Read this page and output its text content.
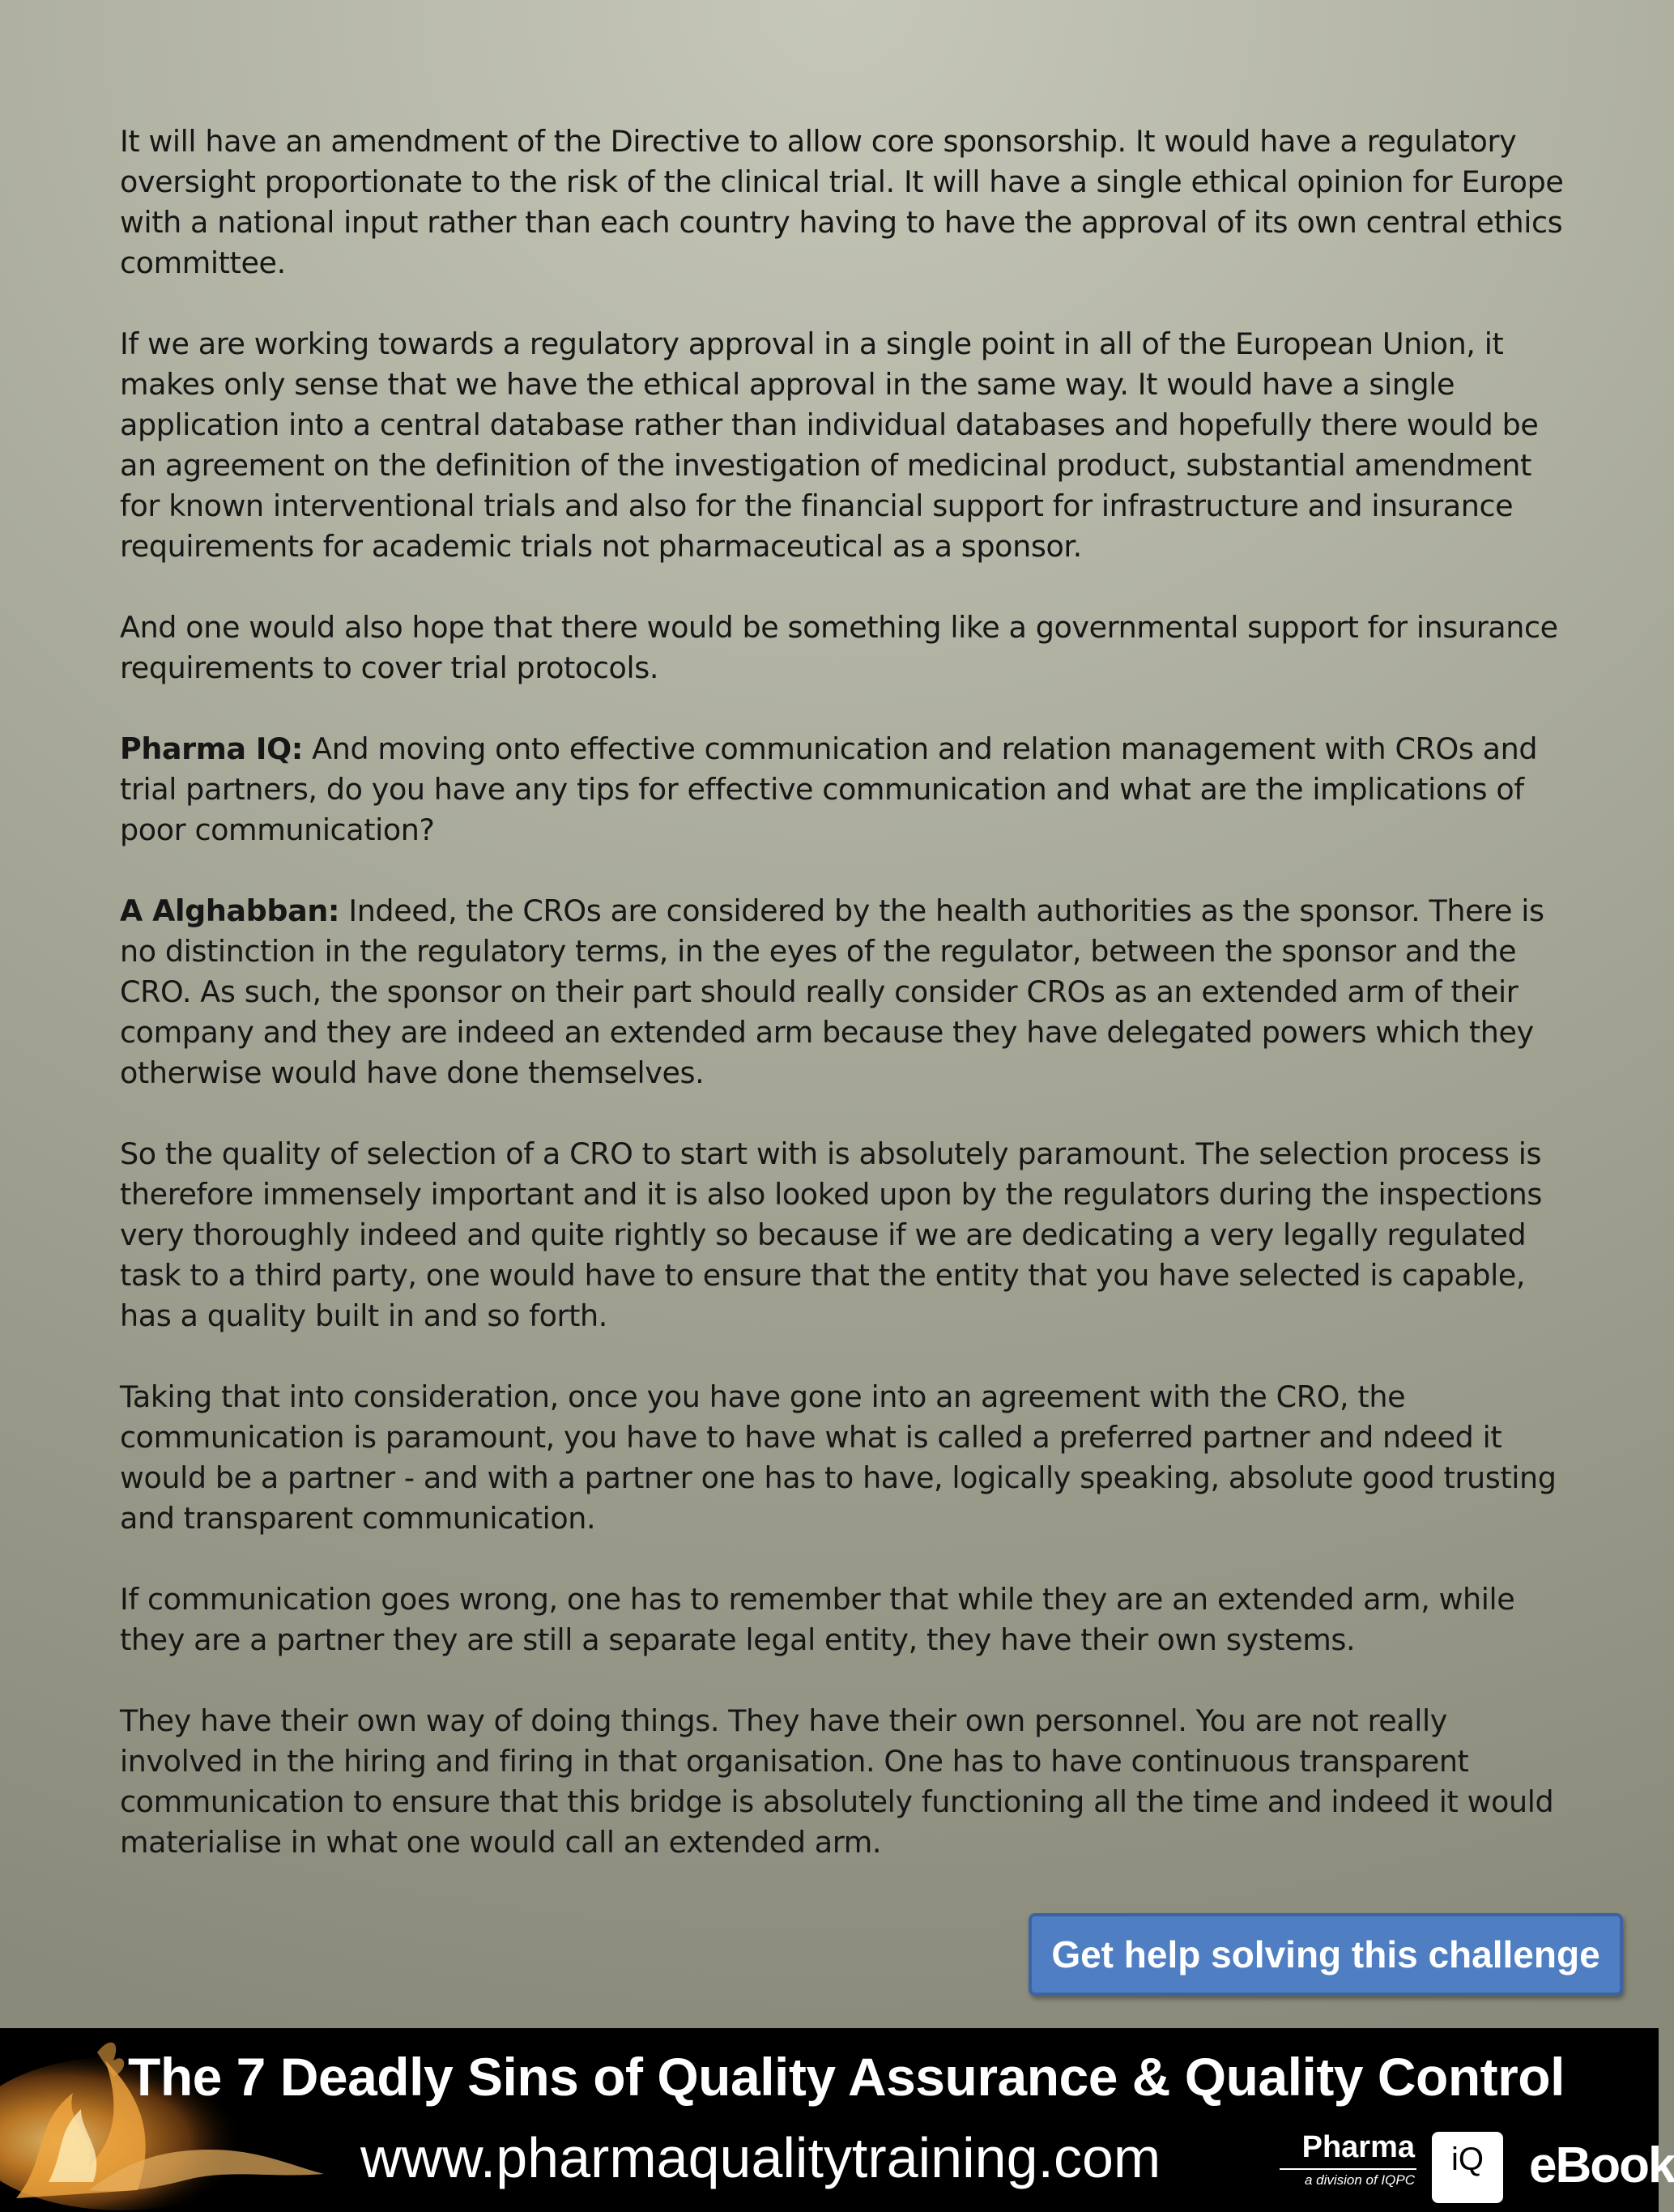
It will have an amendment of the Directive to allow core sponsorship. It would have a regulatory oversight proportionate to the risk of the clinical trial. It will have a single ethical opinion for Europe with a national input rather than each country having to have the approval of its own central ethics committee.

If we are working towards a regulatory approval in a single point in all of the European Union, it makes only sense that we have the ethical approval in the same way. It would have a single application into a central database rather than individual databases and hopefully there would be an agreement on the definition of the investigation of medicinal product, substantial amendment for known interventional trials and also for the financial support for infrastructure and insurance requirements for academic trials not pharmaceutical as a sponsor.

And one would also hope that there would be something like a governmental support for insurance requirements to cover trial protocols.

Pharma IQ: And moving onto effective communication and relation management with CROs and trial partners, do you have any tips for effective communication and what are the implications of poor communication?

A Alghabban: Indeed, the CROs are considered by the health authorities as the sponsor. There is no distinction in the regulatory terms, in the eyes of the regulator, between the sponsor and the CRO. As such, the sponsor on their part should really consider CROs as an extended arm of their company and they are indeed an extended arm because they have delegated powers which they otherwise would have done themselves.

So the quality of selection of a CRO to start with is absolutely paramount. The selection process is therefore immensely important and it is also looked upon by the regulators during the inspections very thoroughly indeed and quite rightly so because if we are dedicating a very legally regulated task to a third party, one would have to ensure that the entity that you have selected is capable, has a quality built in and so forth.

Taking that into consideration, once you have gone into an agreement with the CRO, the communication is paramount, you have to have what is called a preferred partner and ndeed it would be a partner - and with a partner one has to have, logically speaking, absolute good trusting and transparent communication.

If communication goes wrong, one has to remember that while they are an extended arm, while they are a partner they are still a separate legal entity, they have their own systems.

They have their own way of doing things. They have their own personnel. You are not really involved in the hiring and firing in that organisation. One has to have continuous transparent communication to ensure that this bridge is absolutely functioning all the time and indeed it would materialise in what one would call an extended arm.

Get help solving this challenge
The 7 Deadly Sins of Quality Assurance & Quality Control
www.pharmaqualitytraining.com	Pharma
a division of IQPC
iQ eBook
